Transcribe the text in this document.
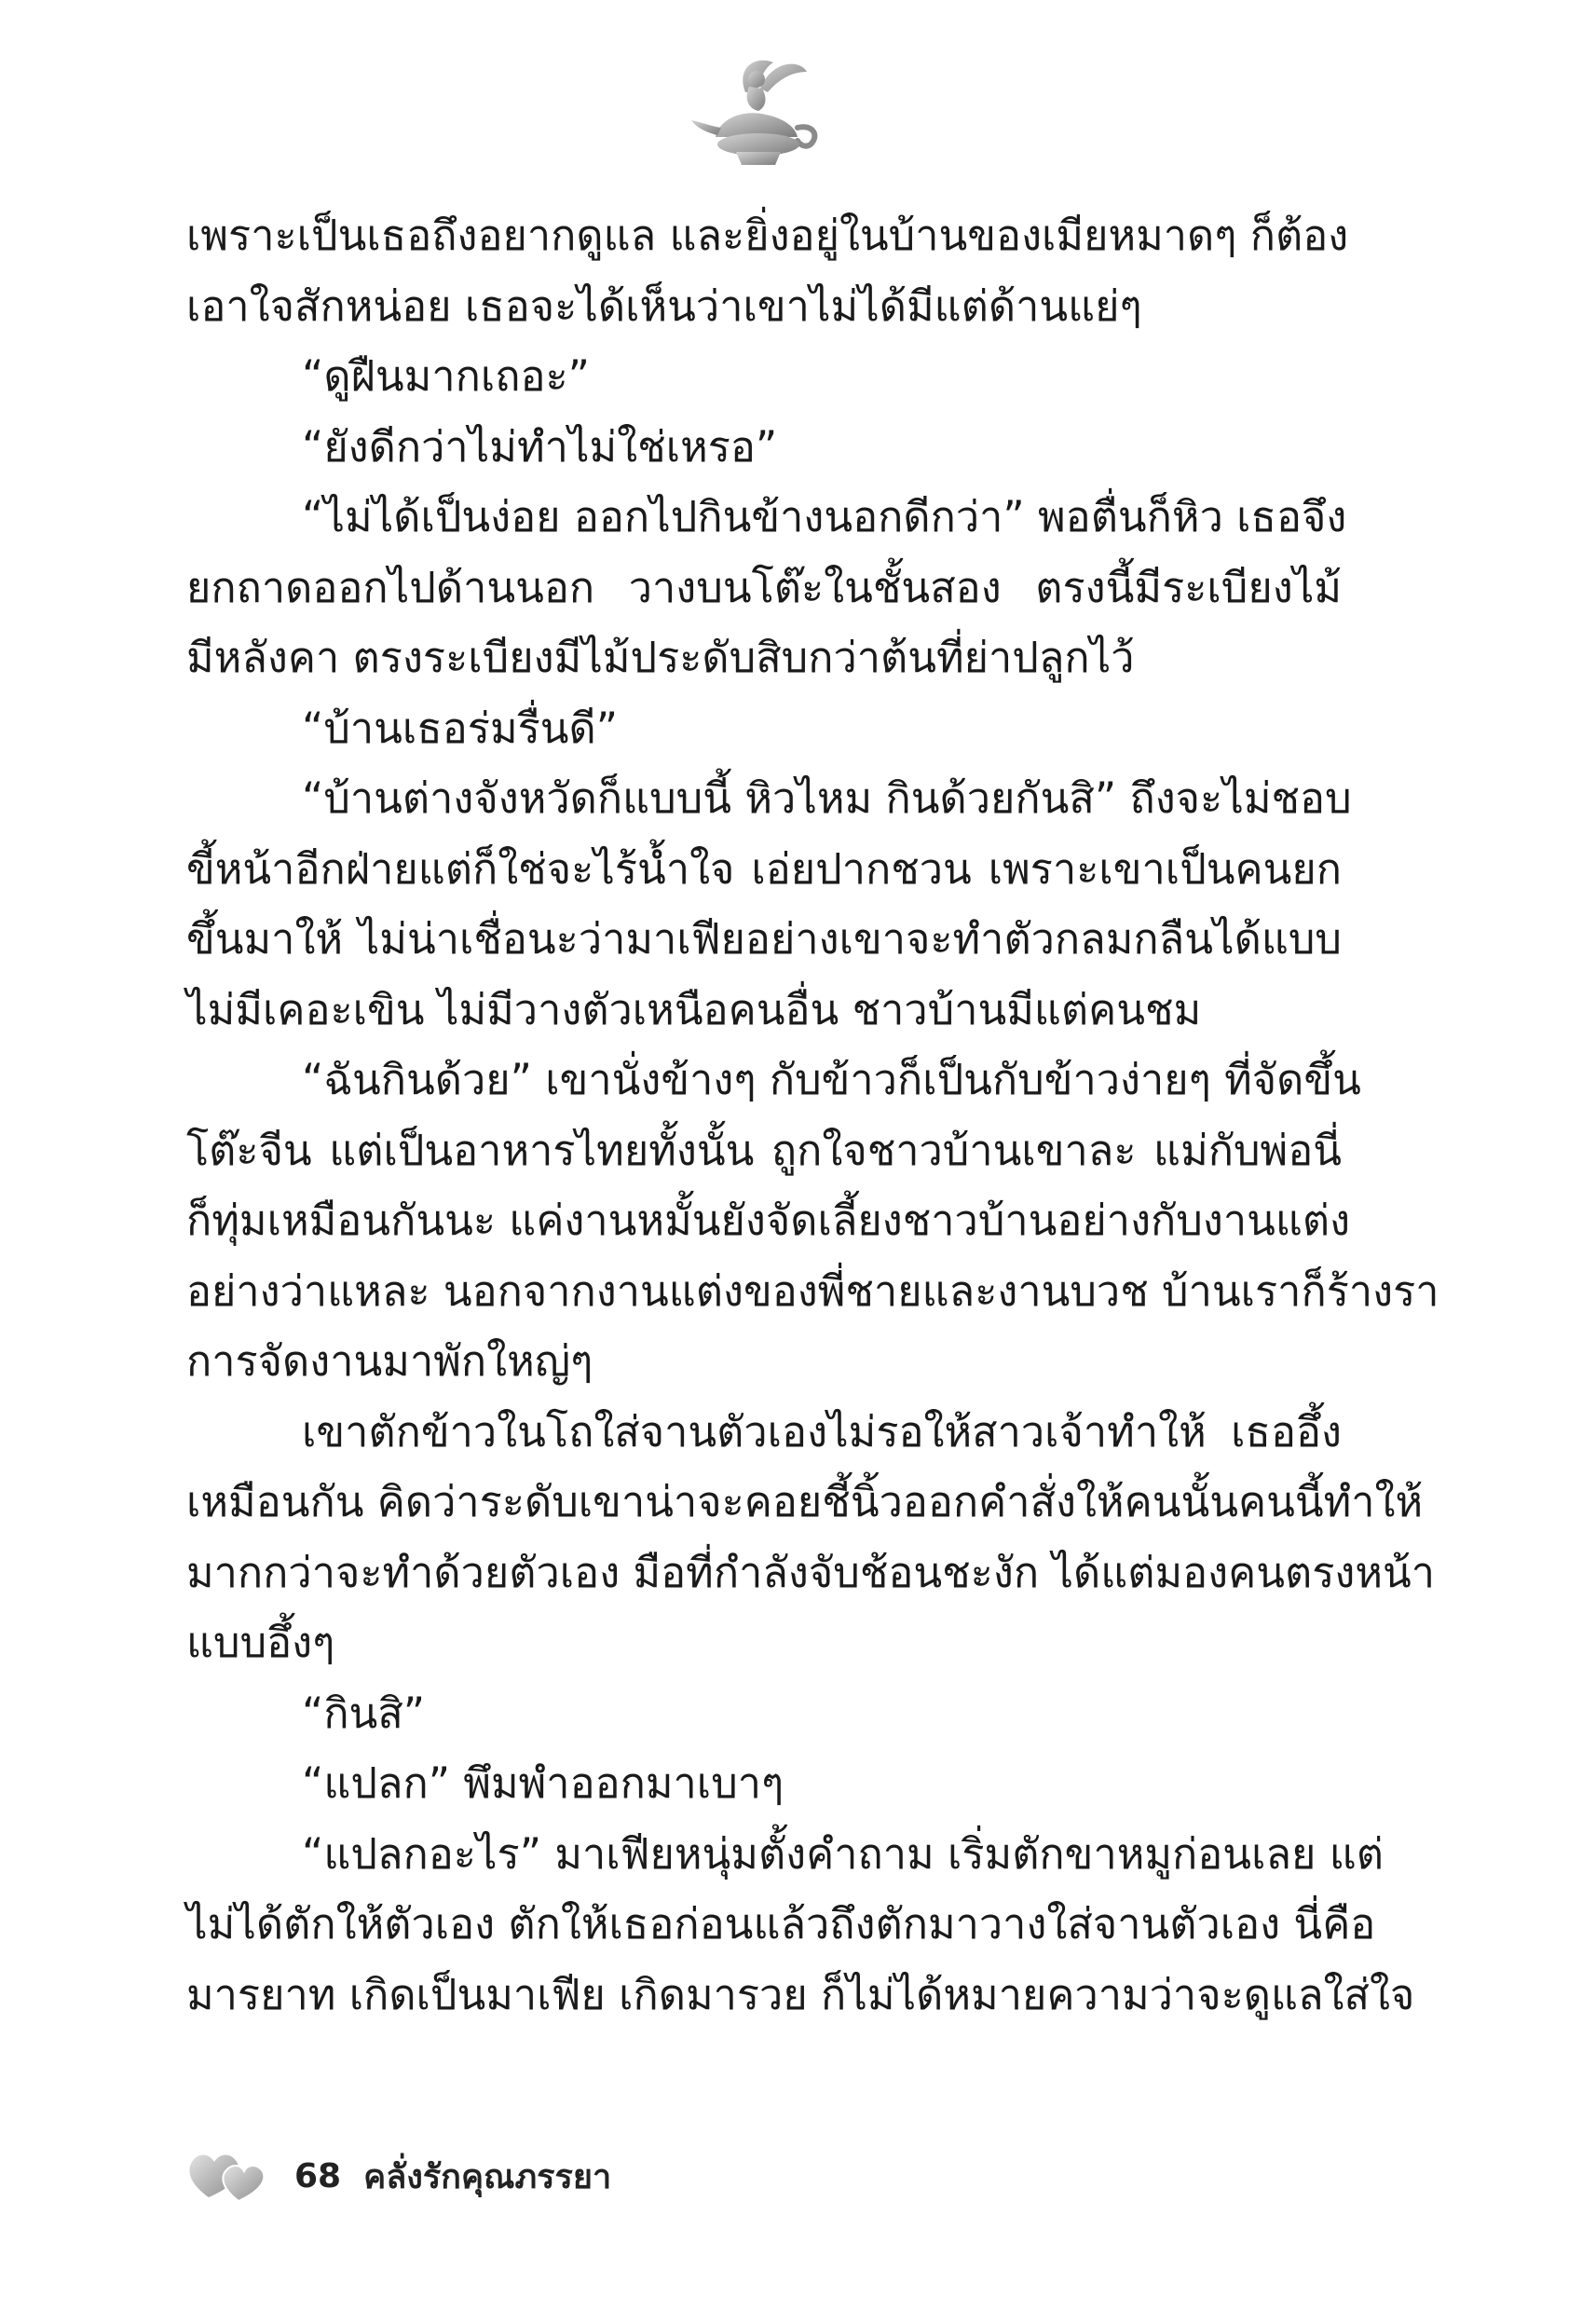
เพราะเป็นเธอถึงอยากดูแล และยิ่งอยู่ในบ้านของเมียหมาดๆ ก็ต้อง
เอาใจสักหน่อย เธอจะได้เห็นว่าเขาไม่ได้มีแต่ด้านแย่ๆ

“ดูฝืนมากเถอะ”

“ยังดีกว่าไม่ทำไม่ใช่เหรอ”

“ไม่ได้เป็นง่อย ออกไปกินข้างนอกดีกว่า” พอตื่นก็หิว เธอจึง
ยกถาดออกไปด้านนอก วางบนโต๊ะในชั้นสอง ตรงนี้มีระเบียงไม้
มีหลังคา ตรงระเบียงมีไม้ประดับสิบกว่าต้นที่ย่าปลูกไว้

“บ้านเธอร่มรื่นดี”

“บ้านต่างจังหวัดก็แบบนี้ หิวไหม กินด้วยกันสิ” ถึงจะไม่ชอบ
ขี้หน้าอีกฝ่ายแต่ก็ใช่จะไร้น้ำใจ เอ่ยปากชวน เพราะเขาเป็นคนยก
ขึ้นมาให้ ไม่น่าเชื่อนะว่ามาเฟียอย่างเขาจะทำตัวกลมกลืนได้แบบ
ไม่มีเคอะเขิน ไม่มีวางตัวเหนือคนอื่น ชาวบ้านมีแต่คนชม

“ฉันกินด้วย” เขานั่งข้างๆ กับข้าวก็เป็นกับข้าวง่ายๆ ที่จัดขึ้น
โต๊ะจีน แต่เป็นอาหารไทยทั้งนั้น ถูกใจชาวบ้านเขาละ แม่กับพ่อนี่
ก็ทุ่มเหมือนกันนะ แค่งานหมั้นยังจัดเลี้ยงชาวบ้านอย่างกับงานแต่ง
อย่างว่าแหละ นอกจากงานแต่งของพี่ชายและงานบวช บ้านเราก็ร้างรา
การจัดงานมาพักใหญ่ๆ

เขาตักข้าวในโถใส่จานตัวเองไม่รอให้สาวเจ้าทำให้ เธออึ้ง
เหมือนกัน คิดว่าระดับเขาน่าจะคอยชี้นิ้วออกคำสั่งให้คนนั้นคนนี้ทำให้
มากกว่าจะทำด้วยตัวเอง มือที่กำลังจับช้อนชะงัก ได้แต่มองคนตรงหน้า
แบบอึ้งๆ

“กินสิ”

“แปลก” พึมพำออกมาเบาๆ

“แปลกอะไร” มาเฟียหนุ่มตั้งคำถาม เริ่มตักขาหมูก่อนเลย แต่
ไม่ได้ตักให้ตัวเอง ตักให้เธอก่อนแล้วถึงตักมาวางใส่จานตัวเอง นี่คือ
มารยาท เกิดเป็นมาเฟีย เกิดมารวย ก็ไม่ได้หมายความว่าจะดูแลใส่ใจ

68 คลั่งรักคุณภรรยา
